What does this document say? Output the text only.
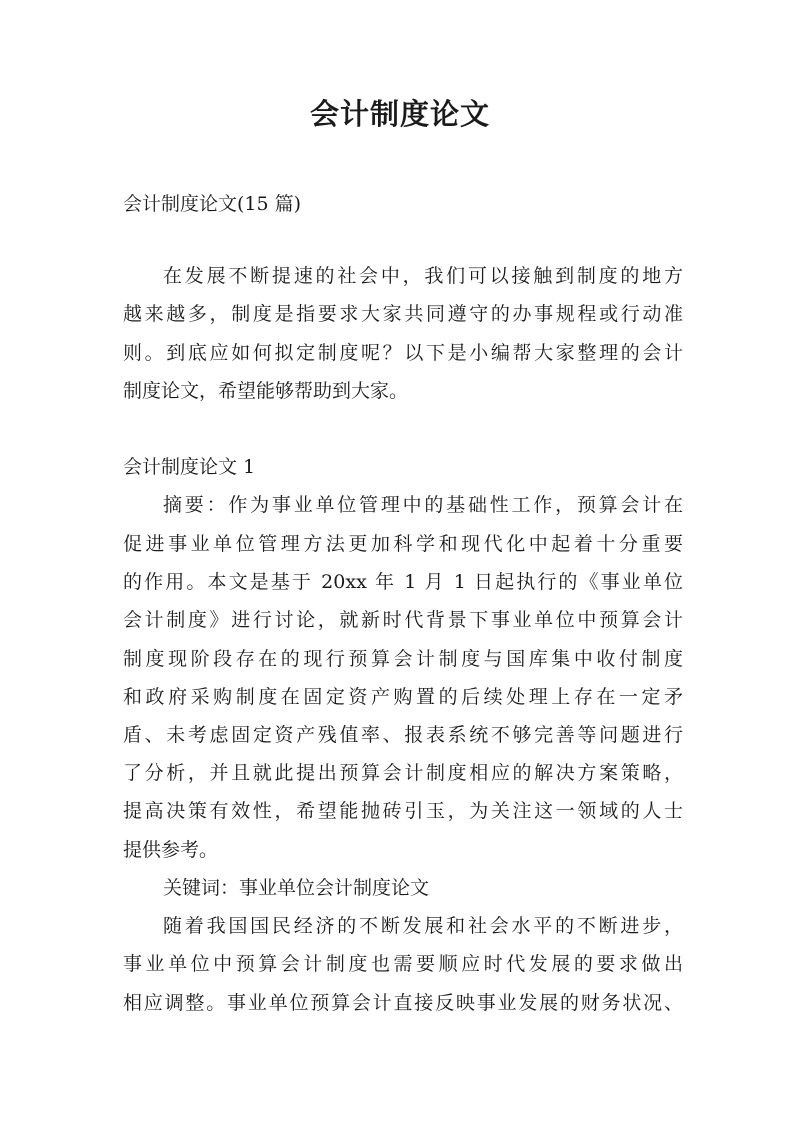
会计制度论文
会计制度论文(15 篇)
在发展不断提速的社会中，我们可以接触到制度的地方
越来越多，制度是指要求大家共同遵守的办事规程或行动准
则。到底应如何拟定制度呢？以下是小编帮大家整理的会计
制度论文，希望能够帮助到大家。
会计制度论文 1
摘要：作为事业单位管理中的基础性工作，预算会计在
促进事业单位管理方法更加科学和现代化中起着十分重要
的作用。本文是基于 20xx 年 1 月 1 日起执行的《事业单位
会计制度》进行讨论，就新时代背景下事业单位中预算会计
制度现阶段存在的现行预算会计制度与国库集中收付制度
和政府采购制度在固定资产购置的后续处理上存在一定矛
盾、未考虑固定资产残值率、报表系统不够完善等问题进行
了分析，并且就此提出预算会计制度相应的解决方案策略，
提高决策有效性，希望能抛砖引玉，为关注这一领域的人士
提供参考。
关键词：事业单位会计制度论文
随着我国国民经济的不断发展和社会水平的不断进步，
事业单位中预算会计制度也需要顺应时代发展的要求做出
相应调整。事业单位预算会计直接反映事业发展的财务状况、
